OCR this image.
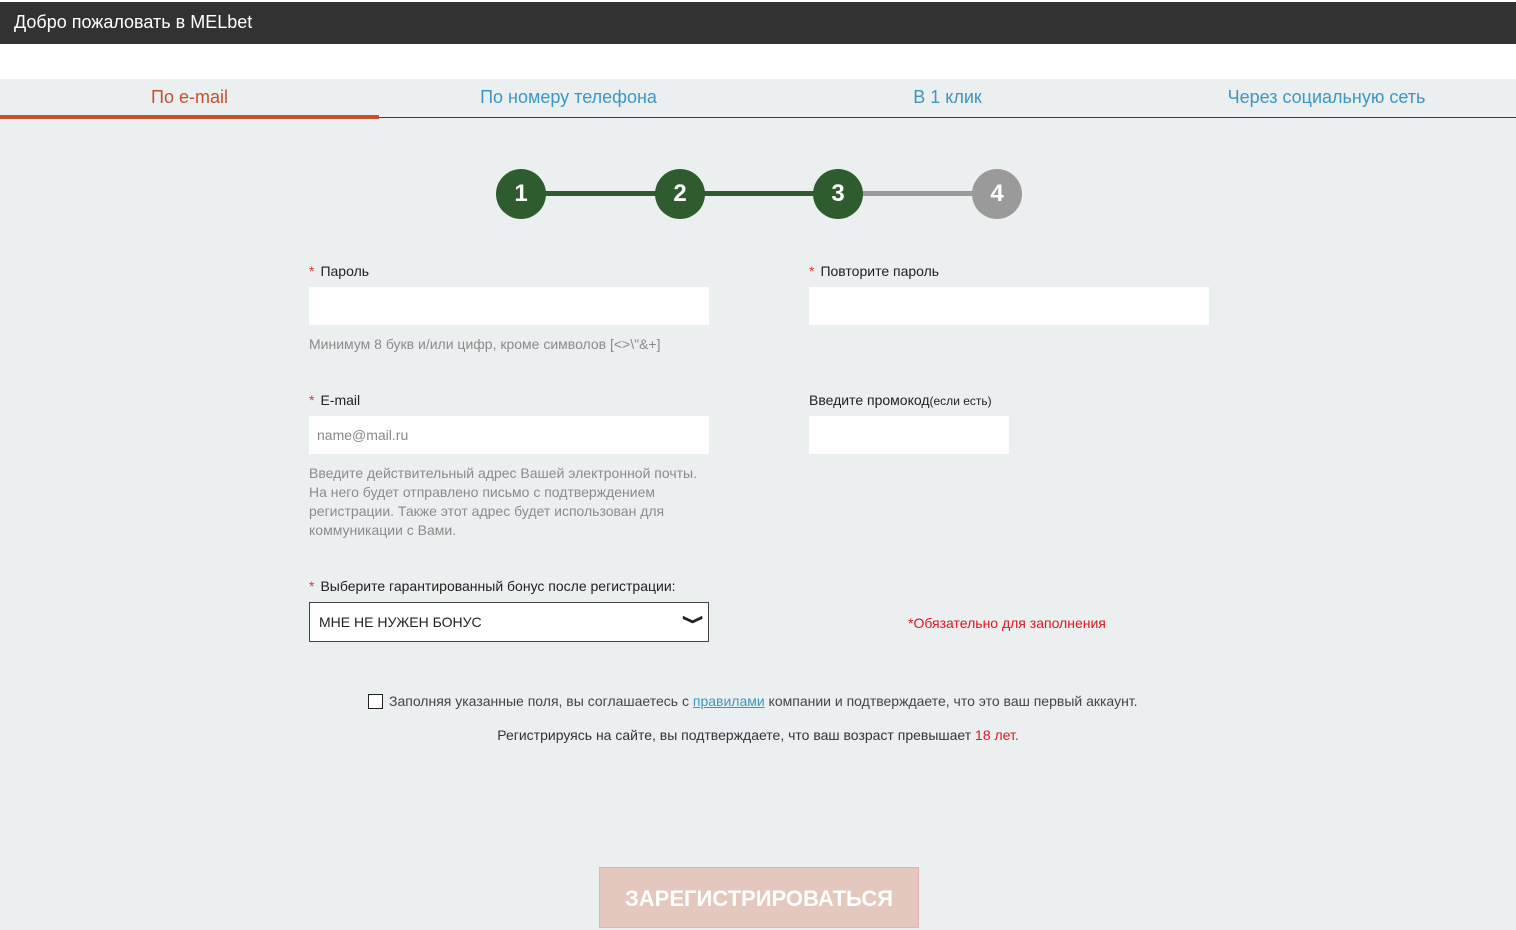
Добро пожаловать в MELbet
По e-mail	По номеру телефона	В 1 клик	Через социальную сеть
1	2	3	4
* Пароль
Минимум 8 букв и/или цифр, кроме символов [<>\"&+]
* Повторите пароль
* E-mail
name@mail.ru
Введите действительный адрес Вашей электронной почты.
На него будет отправлено письмо с подтверждением
регистрации. Также этот адрес будет использован для
коммуникации с Вами.
Введите промокод(если есть)
* Выберите гарантированный бонус после регистрации:
МНЕ НЕ НУЖЕН БОНУС	❯	*Обязательно для заполнения
Заполняя указанные поля, вы соглашаетесь с правилами компании и подтверждаете, что это ваш первый аккаунт.
Регистрируясь на сайте, вы подтверждаете, что ваш возраст превышает 18 лет.
ЗАРЕГИСТРИРОВАТЬСЯ
